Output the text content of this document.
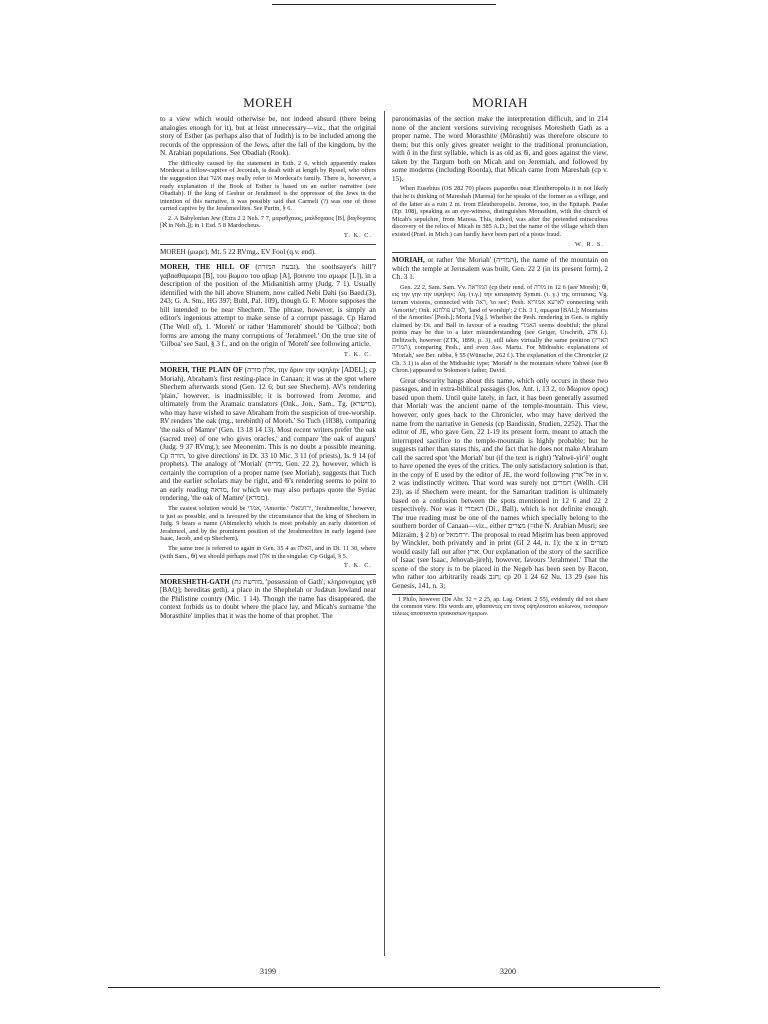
MOREH

to a view which would otherwise be, not indeed absurd (there being analogies enough for it), but at least unnecessary—viz., that the original story of Esther (as perhaps also that of Judith) is to be included among the records of the oppression of the Jews, after the fall of the kingdom, by the N. Arabian populations. See Obadiah (Rook).

The difficulty caused by the statement in Esth. 2 6, which apparently makes Mordecai a fellow-captive of Jeconiah, is dealt with at length by Ryssel, who offers the suggestion that אשר may really refer to Mordecai's family. There is, however, a ready explanation if the Book of Esther is based on an earlier narrative (see Obadiah). If the king of Geshur or Jerahmeel is the oppressor of the Jews in the intention of this narrative, it was possibly said that Carmeli (?) was one of those carried captive by the Jerahmeelites. See Purim, § 6.

2. A Babylonian Jew (Ezra 2 2 Neh. 7 7, μαραθχαιος, μαλδοχαιος [B], βαγδοχαιος [ℵ in Neh.]); in 1 Esd. 5 8 Mardocheus.

T. K. C.

MOREH (μωρε), Mt. 5 22 RVmg., EV Fool (q.v. end).

MOREH, THE HILL OF (גבעת המורה), 'the soothsayer's hill'? γαβααθαμωρα [B], του βωμου του αβωρ [A], βουνου του αμωρε [L]), in a description of the position of the Midianitish army (Judg. 7 1). Usually identified with the hill above Shunem, now called Nebi Dahi (so Baed.(3), 243; G. A. Sm., HG 397; Buhl, Pal. 109), though G. F. Moore supposes the hill intended to be near Shechem. The phrase, however, is simply an editor's ingenious attempt to make sense of a corrupt passage. Cp Harod (The Well of), 1. 'Moreh' or rather 'Hammoreh' should be 'Gilboa'; both forms are among the many corruptions of 'Jerahmeel.' On the true site of 'Gilboa' see Saul, § 3 f., and on the origin of 'Moreh' see following article.

T. K. C.

MOREH, THE PLAIN OF (אלון מורה, την δρυν την υψηλην [ADEL]; cp Moriah), Abraham's first resting-place in Canaan; it was at the spot where Shechem afterwards stood (Gen. 12 6; but see Shechem). AV's rendering 'plain,' however, is inadmissible; it is borrowed from Jerome, and ultimately from the Aramaic translators (Onk., Jon., Sam., Tg. (מישרא), who may have wished to save Abraham from the suspicion of tree-worship. RV renders 'the oak (mg., terebinth) of Moreh.' So Tuch (1838), comparing 'the oaks of Mamre' (Gen. 13 18 14 13). Most recent writers prefer 'the oak (sacred tree) of one who gives oracles,' and compare 'the oak of augurs' (Judg. 9 37 RVmg.); see Meonenim. This is no doubt a possible meaning. Cp הורה, 'to give directions' in Dt. 33 10 Mic. 3 11 (of priests), Is. 9 14 (of prophets). The analogy of 'Moriah' (מריה, Gen. 22 2), however, which is certainly the corruption of a proper name (see Moriah), suggests that Tuch and the earlier scholars may be right, and 𝔊's rendering seems to point to an early reading מראה, for which we may also perhaps quote the Syriac rendering, 'the oak of Mamre' (ממרא).

The easiest solution would be אמרי, 'Amorite.' ירחמאלי, 'Jerahmeelite,' however, is just as possible, and is favoured by the circumstance that the king of Shechem in Judg. 9 bears a name (Abimelech) which is most probably an early distortion of Jerahmeel, and by the prominent position of the Jerahmeelites in early legend (see Isaac, Jacob, and cp Shechem).

The same tree is referred to again in Gen. 35 4 as האלה, and in Dt. 11 30, where (with Sam., 𝔊) we should perhaps read אלון in the singular. Cp Gilgal, § 5.

T. K. C.

MORESHETH-GATH (מורשת גת, 'possession of Gath'; κληρονομιας γεθ [BAQ]; hereditas geth), a place in the Shephelah or Judæan lowland near the Philistine country (Mic. 1 14). Though the name has disappeared, the context forbids us to doubt where the place lay, and Micah's surname 'the Morasthite' implies that it was the home of that prophet. The

MORIAH

paronomasias of the section make the interpretation difficult, and in 214 none of the ancient versions surviving recognises Moresheth Gath as a proper name. The word Morasthite (Môrashti) was therefore obscure to them; but this only gives greater weight to the traditional pronunciation, with ŏ in the first syllable, which is as old as 𝔊, and goes against the view, taken by the Targum both on Micah and on Jeremiah, and followed by some moderns (including Roorda), that Micah came from Mareshah (cp v. 15).

When Eusebius (OS 282 70) places μωρασθει near Eleutheropolis it is not likely that he is thinking of Mareshah (Maresa) for he speaks of the former as a village, and of the latter as a ruin 2 m. from Eleutheropolis. Jerome, too, in the Epitaph. Paulæ (Ep. 108), speaking as an eye-witness, distinguishes Morasthim, with the church of Micah's sepulchre, from Maresa. This, indeed, was after the pretended miraculous discovery of the relics of Micah in 385 A.D.; but the name of the village which then existed (Præf. in Mich.) can hardly have been part of a pious fraud.

W. R. S.

MORIAH, or rather 'the Moriah' (המריה), the name of the mountain on which the temple at Jerusalem was built, Gen. 22 2 (in its present form), 2 Ch. 3 1.

Gen. 22 2, Sam. Sam. Vv. המוראה (cp their rend. of מורה in 12 6 (see Moreh); 𝔊, εις την γην την υψηλην; Aq. (τ.γ.) την καταφανη; Symm. (τ. γ.) της οπτασιας; Vg. terram visionis, connected with ראה, 'to see'; Pesh. לארעא אמוריא connecting with 'Amorite'; Onk. לארע פולחנא, 'land of worship'; 2 Ch. 3 1, αμωρια [BAL]; Mountains of the Amorites' [Pesh.]; Moria [Vg.]. Whether the Pesh. rendering in Gen. is rightly claimed by Di. and Ball in favour of a reading האמרי seems doubtful; the plural points may be due to a later misunderstanding (see Geiger, Urschrift, 278 f.). Delitzsch, however (ZTK, 1899, p. 3), still takes virtually the same position (הארץ המריה), comparing Pesh., and even Ass. Martu. For Midrashic explanations of 'Moriah,' see Ber. rabba, § 55 (Wünsche, 262 f.). The explanation of the Chronicler (2 Ch. 3 1) is also of the Midrashic type; 'Moriah' is the mountain where Yahwè (see 𝔊 Chron.) appeared to Solomon's father, David.

Great obscurity hangs about this name, which only occurs in these two passages, and in extra-biblical passages (Jos. Ant. i. 13 2, το Μωριον ορος) based upon them. Until quite lately, in fact, it has been generally assumed that Moriah was the ancient name of the temple-mountain. This view, however, only goes back to the Chronicler, who may have derived the name from the narrative in Genesis (cp Baudissin, Studien, 2252). That the editor of JE, who gave Gen. 22 1-19 its present form, meant to attach the interrupted sacrifice to the temple-mountain is highly probable; but he suggests rather than states this, and the fact that he does not make Abraham call the sacred spot 'the Moriah' but (if the text is right) 'Yahwè-yir'è' ought to have opened the eyes of the critics. The only satisfactory solution is that, in the copy of E used by the editor of JE, the word following אל־ארץ in v. 2 was indistinctly written. That word was surely not חמרים (Wellh. CH 23), as if Shechem were meant, for the Samaritan tradition is ultimately based on a confusion between the spots mentioned in 12 6 and 22 2 respectively. Nor was it האמרי (Di., Ball), which is not definite enough. The true reading must be one of the names which specially belong to the southern border of Canaan—viz., either מצרים (=the N. Arabian Musri; see Mizraim, § 2 b) or ירחמאל. The proposal to read Miṣrim has been approved by Winckler, both privately and in print (GI 2 44, n. 1); the צ in מצרים would easily fall out after ארץ. Our explanation of the story of the sacrifice of Isaac (see Isaac, Jehovah-jireh), however, favours 'Jerahmeel.' That the scene of the story is to be placed in the Negeb has been seen by Racon, who rather too arbitrarily reads חגב; cp 20 1 24 62 Nu. 13 29 (see his Genesis, 141, n. 3;

1 Philo, however (De Abr. 32 = 2 25, ap. Lag. Orient. 2 55), evidently did not share the common view. His words are, φθασαντες επι τινος υψηλοτατου κολωνου, τεσσαρων τελεως αποσταντα τριακοσιων ημερων.

3199	3200
